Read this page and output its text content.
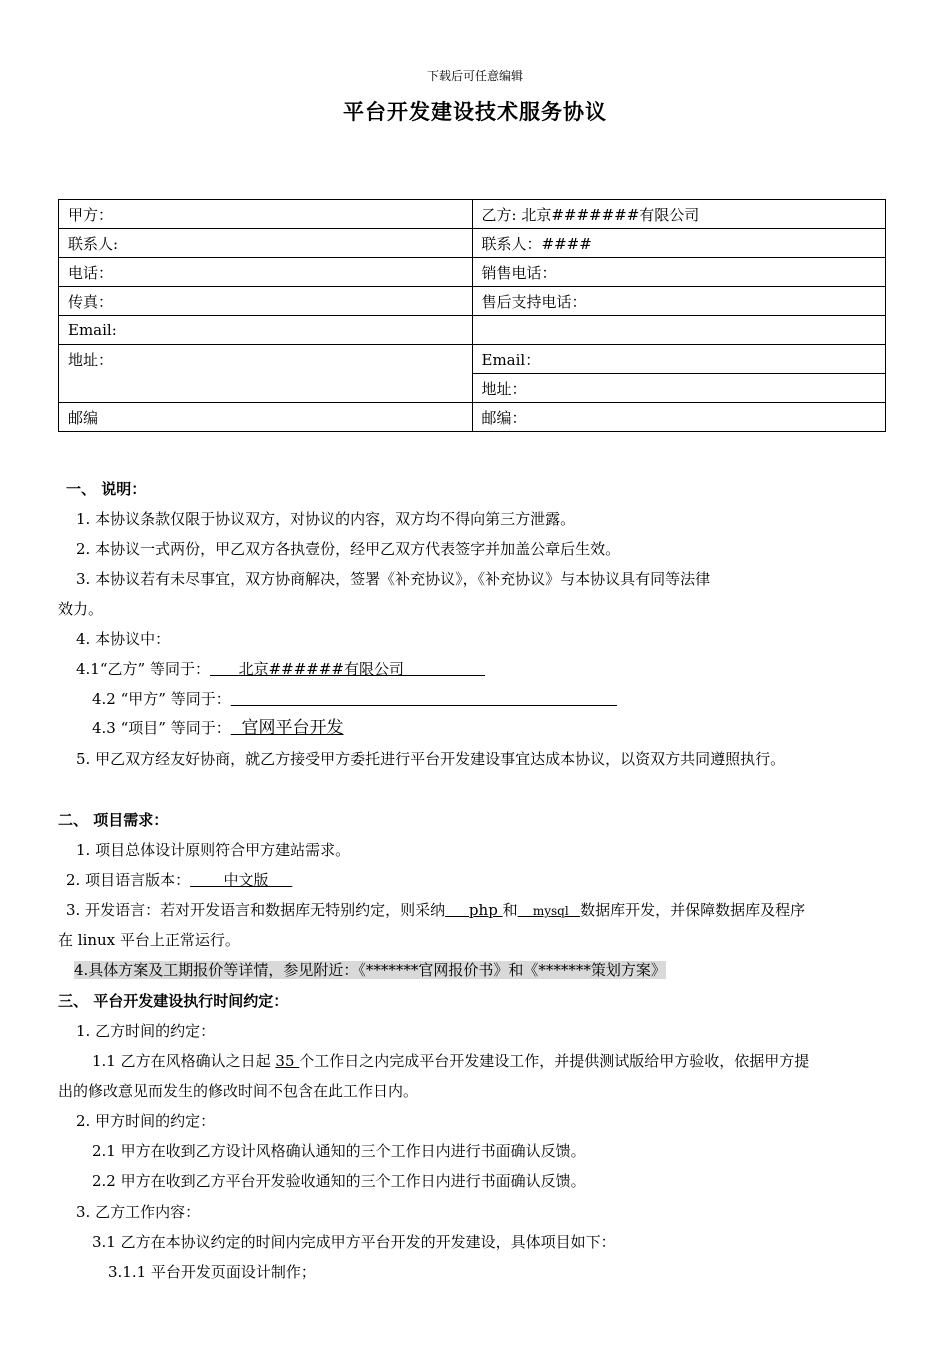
下载后可任意编辑
平台开发建设技术服务协议
甲方：	乙方: 北京#######有限公司
联系人:	联系人：####
电话：	销售电话：
传真：	售后支持电话：
Email:	
地址：	Email：
	地址：
邮编	邮编：
一、 说明：
1. 本协议条款仅限于协议双方，对协议的内容，双方均不得向第三方泄露。
2. 本协议一式两份，甲乙双方各执壹份，经甲乙双方代表签字并加盖公章后生效。
3. 本协议若有未尽事宜，双方协商解决，签署《补充协议》，《补充协议》与本协议具有同等法律
效力。
4. 本协议中：
4.1“乙方” 等同于：      北京######有限公司
4.2 “甲方” 等同于：
4.3 “项目” 等同于：  官网平台开发
5. 甲乙双方经友好协商，就乙方接受甲方委托进行平台开发建设事宜达成本协议，以资双方共同遵照执行。
二、 项目需求：
1. 项目总体设计原则符合甲方建站需求。
2. 项目语言版本：       中文版
3. 开发语言：若对开发语言和数据库无特别约定，则采纳     php 和    mysql   数据库开发，并保障数据库及程序
在 linux 平台上正常运行。
4.具体方案及工期报价等详情，参见附近：《*******官网报价书》和《*******策划方案》
三、 平台开发建设执行时间约定：
1. 乙方时间的约定：
1.1 乙方在风格确认之日起 35 个工作日之内完成平台开发建设工作，并提供测试版给甲方验收，依据甲方提
出的修改意见而发生的修改时间不包含在此工作日内。
2. 甲方时间的约定：
2.1 甲方在收到乙方设计风格确认通知的三个工作日内进行书面确认反馈。
2.2 甲方在收到乙方平台开发验收通知的三个工作日内进行书面确认反馈。
3. 乙方工作内容：
3.1 乙方在本协议约定的时间内完成甲方平台开发的开发建设，具体项目如下：
3.1.1 平台开发页面设计制作；
